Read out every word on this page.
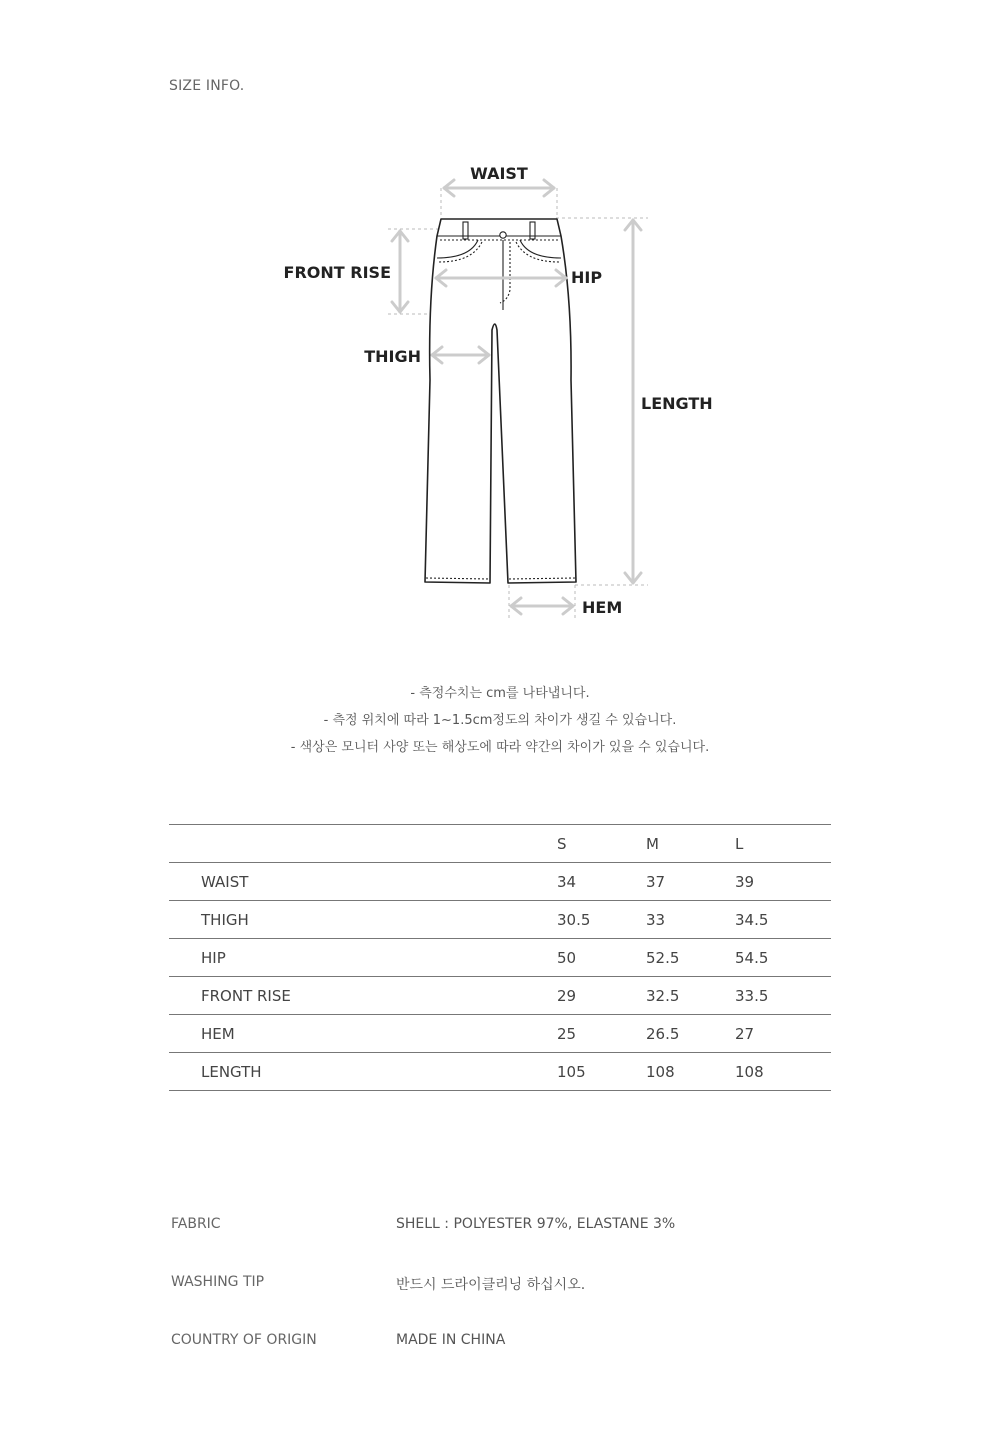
SIZE INFO.
WAIST
FRONT RISE	HIP
THIGH
LENGTH
HEM
- 측정수치는 cm를 나타냅니다.
- 측정 위치에 따라 1~1.5cm정도의 차이가 생길 수 있습니다.
- 색상은 모니터 사양 또는 해상도에 따라 약간의 차이가 있을 수 있습니다.
	S	M	L
WAIST	34	37	39
THIGH	30.5	33	34.5
HIP	50	52.5	54.5
FRONT RISE	29	32.5	33.5
HEM	25	26.5	27
LENGTH	105	108	108
FABRIC	SHELL : POLYESTER 97%, ELASTANE 3%
WASHING TIP	반드시 드라이클리닝 하십시오.
COUNTRY OF ORIGIN	MADE IN CHINA
